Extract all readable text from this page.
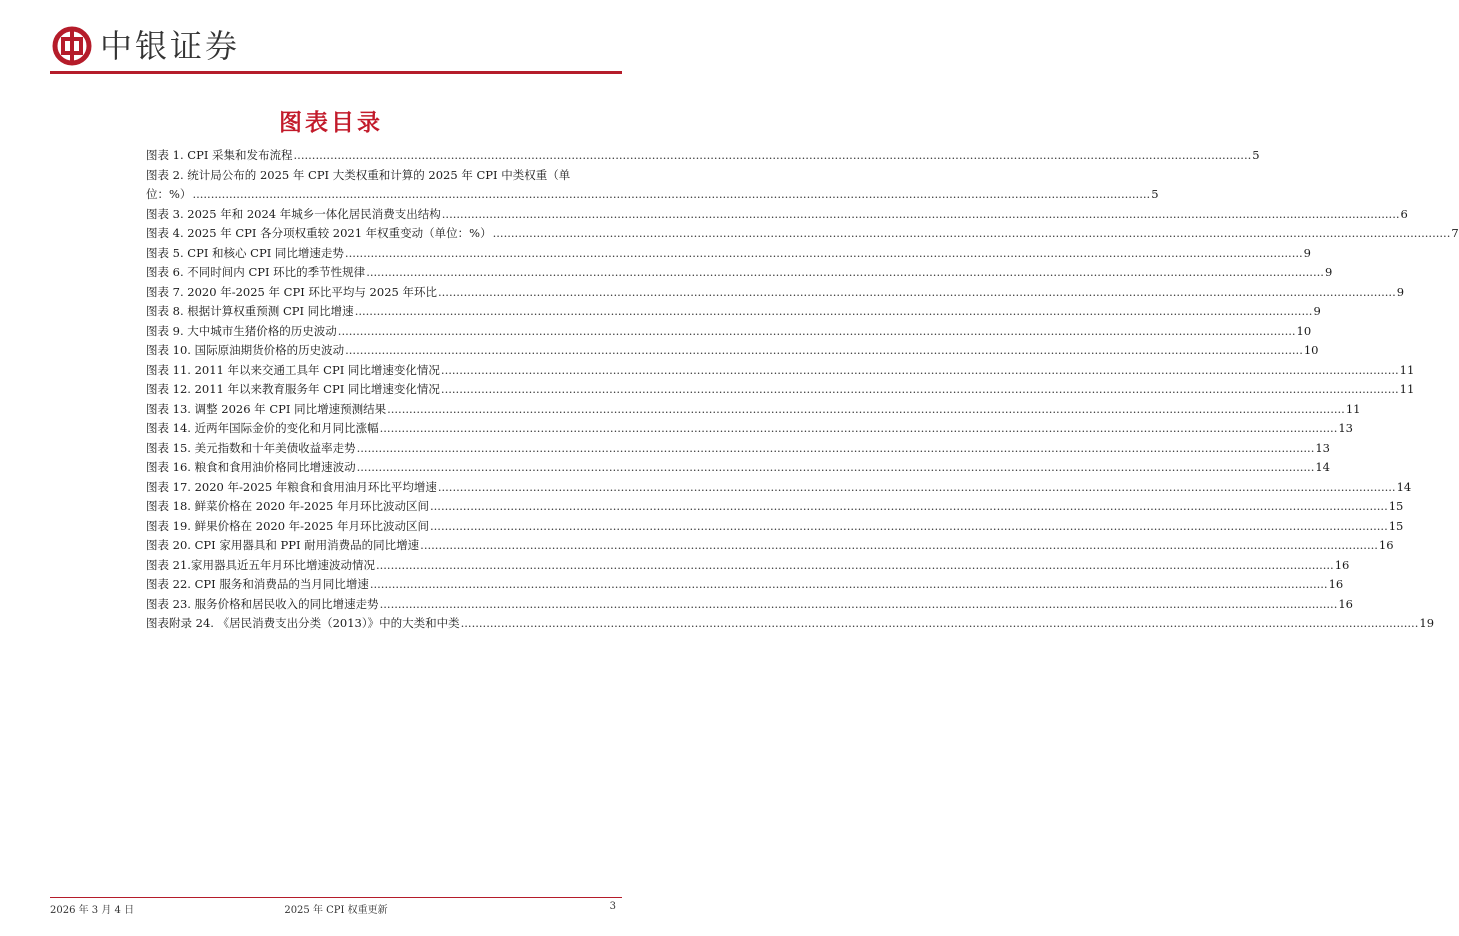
中银证券
图表目录
图表 1. CPI 采集和发布流程 .....	5
图表 2. 统计局公布的 2025 年 CPI 大类权重和计算的 2025 年 CPI 中类权重（单
位：%） .....	5
图表 3. 2025 年和 2024 年城乡一体化居民消费支出结构 .....	6
图表 4. 2025 年 CPI 各分项权重较 2021 年权重变动（单位：%） .....	7
图表 5. CPI 和核心 CPI 同比增速走势 .....	9
图表 6. 不同时间内 CPI 环比的季节性规律 .....	9
图表 7. 2020 年-2025 年 CPI 环比平均与 2025 年环比 .....	9
图表 8. 根据计算权重预测 CPI 同比增速 .....	9
图表 9. 大中城市生猪价格的历史波动 .....	10
图表 10. 国际原油期货价格的历史波动 .....	10
图表 11. 2011 年以来交通工具年 CPI 同比增速变化情况 .....	11
图表 12. 2011 年以来教育服务年 CPI 同比增速变化情况 .....	11
图表 13. 调整 2026 年 CPI 同比增速预测结果 .....	11
图表 14. 近两年国际金价的变化和月同比涨幅 .....	13
图表 15. 美元指数和十年美债收益率走势 .....	13
图表 16. 粮食和食用油价格同比增速波动 .....	14
图表 17. 2020 年-2025 年粮食和食用油月环比平均增速 .....	14
图表 18. 鲜菜价格在 2020 年-2025 年月环比波动区间 .....	15
图表 19. 鲜果价格在 2020 年-2025 年月环比波动区间 .....	15
图表 20. CPI 家用器具和 PPI 耐用消费品的同比增速 .....	16
图表 21.家用器具近五年月环比增速波动情况 .....	16
图表 22. CPI 服务和消费品的当月同比增速 .....	16
图表 23. 服务价格和居民收入的同比增速走势 .....	16
图表附录 24. 《居民消费支出分类（2013）》中的大类和中类 .....	19
2026 年 3 月 4 日	2025 年 CPI 权重更新	3
